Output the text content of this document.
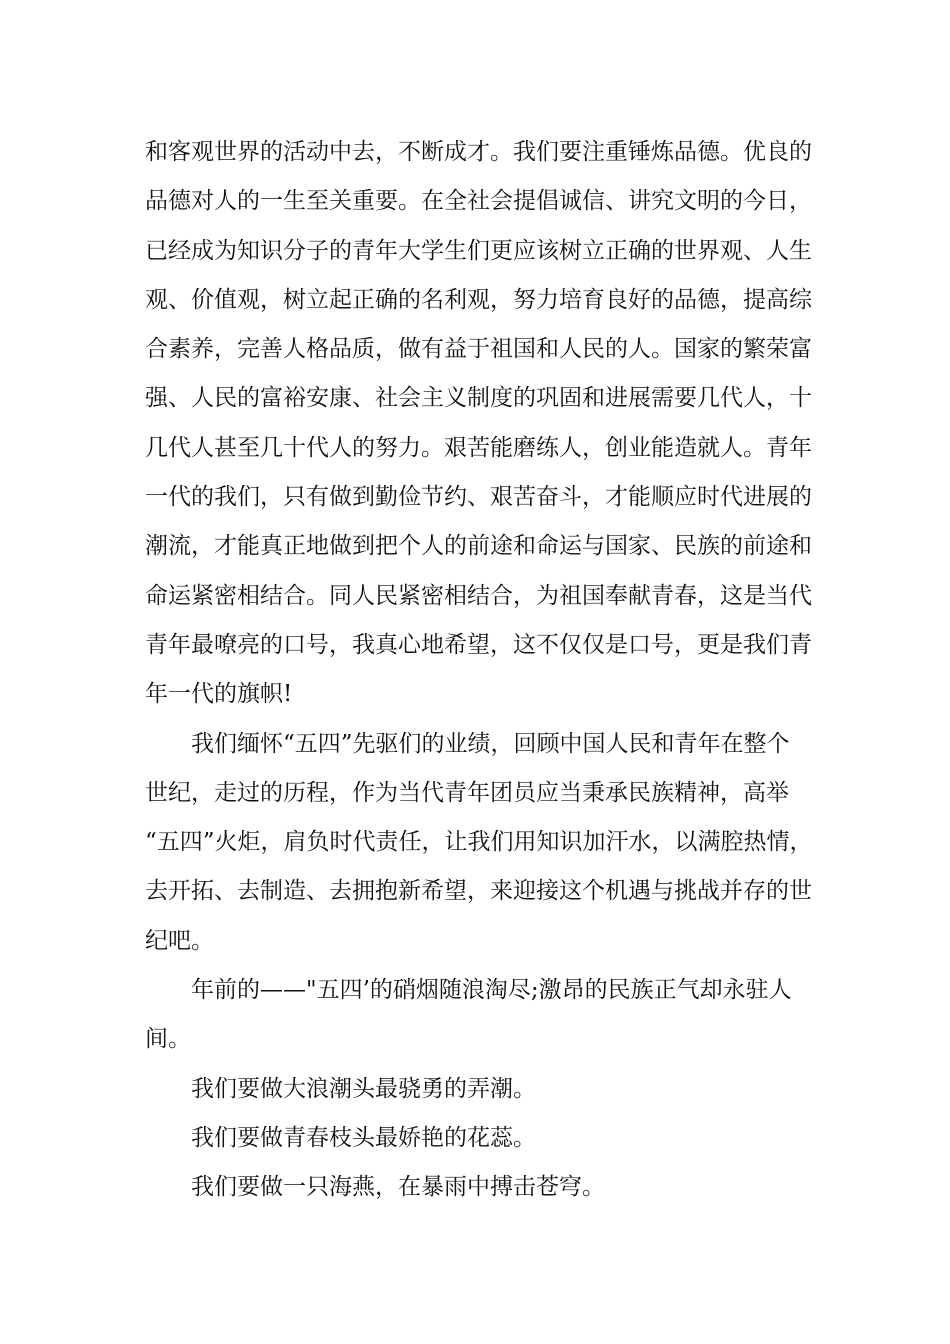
和客观世界的活动中去，不断成才。我们要注重锤炼品德。优良的
品德对人的一生至关重要。在全社会提倡诚信、讲究文明的今日，
已经成为知识分子的青年大学生们更应该树立正确的世界观、人生
观、价值观，树立起正确的名利观，努力培育良好的品德，提高综
合素养，完善人格品质，做有益于祖国和人民的人。国家的繁荣富
强、人民的富裕安康、社会主义制度的巩固和进展需要几代人，十
几代人甚至几十代人的努力。艰苦能磨练人，创业能造就人。青年
一代的我们，只有做到勤俭节约、艰苦奋斗，才能顺应时代进展的
潮流，才能真正地做到把个人的前途和命运与国家、民族的前途和
命运紧密相结合。同人民紧密相结合，为祖国奉献青春，这是当代
青年最嘹亮的口号，我真心地希望，这不仅仅是口号，更是我们青
年一代的旗帜!

我们缅怀“五四”先驱们的业绩，回顾中国人民和青年在整个
世纪，走过的历程，作为当代青年团员应当秉承民族精神，高举
“五四”火炬，肩负时代责任，让我们用知识加汗水，以满腔热情，
去开拓、去制造、去拥抱新希望，来迎接这个机遇与挑战并存的世
纪吧。

年前的——"五四’的硝烟随浪淘尽;激昂的民族正气却永驻人
间。

我们要做大浪潮头最骁勇的弄潮。

我们要做青春枝头最娇艳的花蕊。

我们要做一只海燕，在暴雨中搏击苍穹。
